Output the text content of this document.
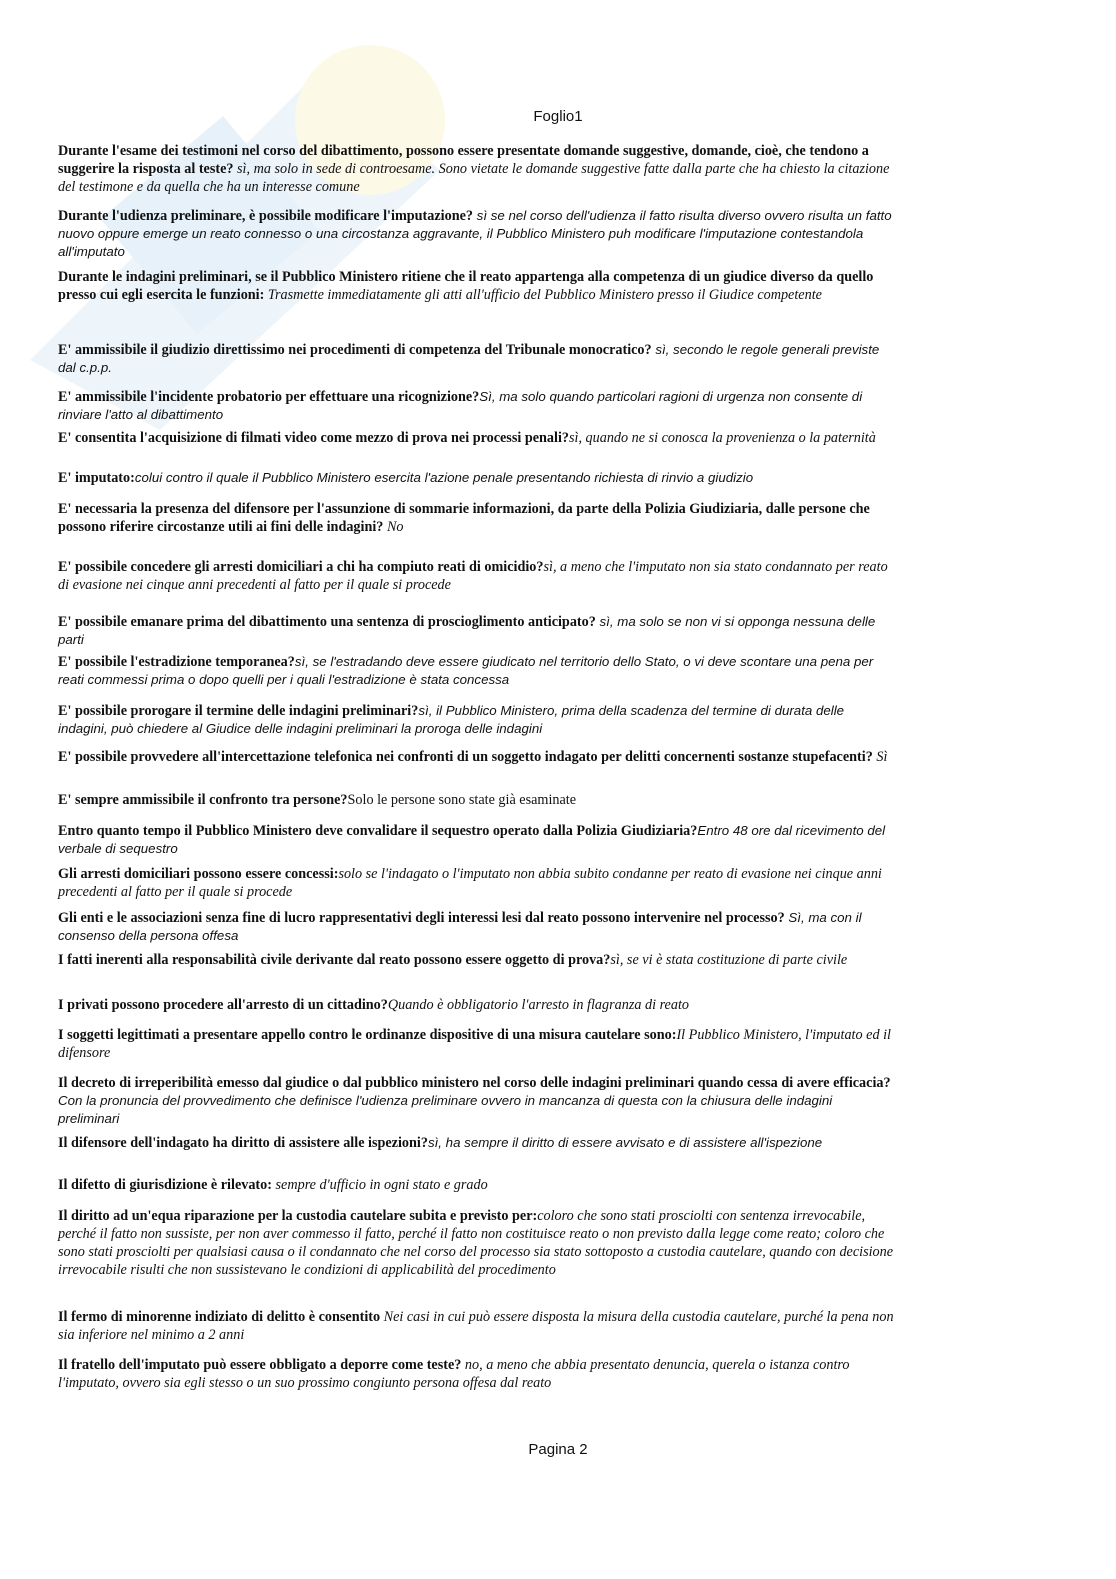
Foglio1
Durante l'esame dei testimoni nel corso del dibattimento, possono essere presentate domande suggestive, domande, cioè, che tendono a suggerire la risposta al teste? sì, ma solo in sede di controesame. Sono vietate le domande suggestive fatte dalla parte che ha chiesto la citazione del testimone e da quella che ha un interesse comune
Durante l'udienza preliminare, è possibile modificare l'imputazione? sì se nel corso dell'udienza il fatto risulta diverso ovvero risulta un fatto nuovo oppure emerge un reato connesso o una circostanza aggravante, il Pubblico Ministero puh modificare l'imputazione contestandola all'imputato
Durante le indagini preliminari, se il Pubblico Ministero ritiene che il reato appartenga alla competenza di un giudice diverso da quello presso cui egli esercita le funzioni: Trasmette immediatamente gli atti all'ufficio del Pubblico Ministero presso il Giudice competente
E' ammissibile il giudizio direttissimo nei procedimenti di competenza del Tribunale monocratico? sì, secondo le regole generali previste dal c.p.p.
E' ammissibile l'incidente probatorio per effettuare una ricognizione?Sì, ma solo quando particolari ragioni di urgenza non consente di rinviare l'atto al dibattimento
E' consentita l'acquisizione di filmati video come mezzo di prova nei processi penali?sì, quando ne si conosca la provenienza o la paternità
E' imputato:colui contro il quale il Pubblico Ministero esercita l'azione penale presentando richiesta di rinvio a giudizio
E' necessaria la presenza del difensore per l'assunzione di sommarie informazioni, da parte della Polizia Giudiziaria, dalle persone che possono riferire circostanze utili ai fini delle indagini? No
E' possibile concedere gli arresti domiciliari a chi ha compiuto reati di omicidio?sì, a meno che l'imputato non sia stato condannato per reato di evasione nei cinque anni precedenti al fatto per il quale si procede
E' possibile emanare prima del dibattimento una sentenza di proscioglimento anticipato? sì, ma solo se non vi si opponga nessuna delle parti
E' possibile l'estradizione temporanea?sì, se l'estradando deve essere giudicato nel territorio dello Stato, o vi deve scontare una pena per reati commessi prima o dopo quelli per i quali l'estradizione è stata concessa
E' possibile prorogare il termine delle indagini preliminari?sì, il Pubblico Ministero, prima della scadenza del termine di durata delle indagini, può chiedere al Giudice delle indagini preliminari la proroga delle indagini
E' possibile provvedere all'intercettazione telefonica nei confronti di un soggetto indagato per delitti concernenti sostanze stupefacenti? Sì
E' sempre ammissibile il confronto tra persone?Solo le persone sono state già esaminate
Entro quanto tempo il Pubblico Ministero deve convalidare il sequestro operato dalla Polizia Giudiziaria?Entro 48 ore dal ricevimento del verbale di sequestro
Gli arresti domiciliari possono essere concessi:solo se l'indagato o l'imputato non abbia subito condanne per reato di evasione nei cinque anni precedenti al fatto per il quale si procede
Gli enti e le associazioni senza fine di lucro rappresentativi degli interessi lesi dal reato possono intervenire nel processo? Sì, ma con il consenso della persona offesa
I fatti inerenti alla responsabilità civile derivante dal reato possono essere oggetto di prova?sì, se vi è stata costituzione di parte civile
I privati possono procedere all'arresto di un cittadino?Quando è obbligatorio l'arresto in flagranza di reato
I soggetti legittimati a presentare appello contro le ordinanze dispositive di una misura cautelare sono:Il Pubblico Ministero, l'imputato ed il difensore
Il decreto di irreperibilità emesso dal giudice o dal pubblico ministero nel corso delle indagini preliminari quando cessa di avere efficacia?Con la pronuncia del provvedimento che definisce l'udienza preliminare ovvero in mancanza di questa con la chiusura delle indagini preliminari
Il difensore dell'indagato ha diritto di assistere alle ispezioni?sì, ha sempre il diritto di essere avvisato e di assistere all'ispezione
Il difetto di giurisdizione è rilevato: sempre d'ufficio in ogni stato e grado
Il diritto ad un'equa riparazione per la custodia cautelare subita e previsto per:coloro che sono stati prosciolti con sentenza irrevocabile, perché il fatto non sussiste, per non aver commesso il fatto, perché il fatto non costituisce reato o non previsto dalla legge come reato; coloro che sono stati prosciolti per qualsiasi causa o il condannato che nel corso del processo sia stato sottoposto a custodia cautelare, quando con decisione irrevocabile risulti che non sussistevano le condizioni di applicabilità del procedimento
Il fermo di minorenne indiziato di delitto è consentito Nei casi in cui può essere disposta la misura della custodia cautelare, purché la pena non sia inferiore nel minimo a 2 anni
Il fratello dell'imputato può essere obbligato a deporre come teste? no, a meno che abbia presentato denuncia, querela o istanza contro l'imputato, ovvero sia egli stesso o un suo prossimo congiunto persona offesa dal reato
Pagina 2
